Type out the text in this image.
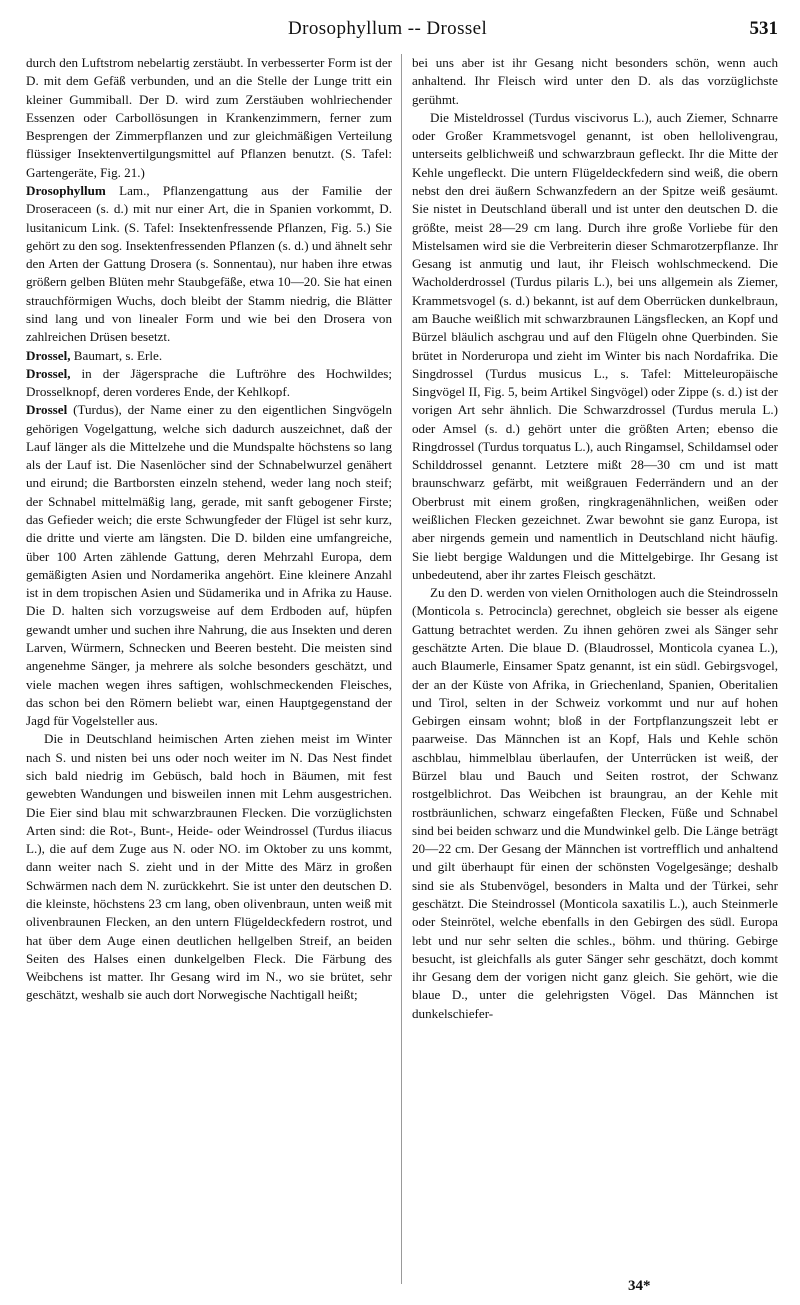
Drosophyllum -- Drossel	531

durch den Luftstrom nebelartig zerstäubt. In verbesserter Form ist der D. mit dem Gefäß verbunden, und an die Stelle der Lunge tritt ein kleiner Gummiball. Der D. wird zum Zerstäuben wohlriechender Essenzen oder Carbollösungen in Krankenzimmern, ferner zum Besprengen der Zimmerpflanzen und zur gleichmäßigen Verteilung flüssiger Insektenvertilgungsmittel auf Pflanzen benutzt. (S. Tafel: Gartengeräte, Fig. 21.)

Drosophyllum Lam., Pflanzengattung aus der Familie der Droseraceen (s. d.) mit nur einer Art, die in Spanien vorkommt, D. lusitanicum Link. (S. Tafel: Insektenfressende Pflanzen, Fig. 5.) Sie gehört zu den sog. Insektenfressenden Pflanzen (s. d.) und ähnelt sehr den Arten der Gattung Drosera (s. Sonnentau), nur haben ihre etwas größern gelben Blüten mehr Staubgefäße, etwa 10—20. Sie hat einen strauchförmigen Wuchs, doch bleibt der Stamm niedrig, die Blätter sind lang und von linealer Form und wie bei den Drosera von zahlreichen Drüsen besetzt.

Drossel, Baumart, s. Erle.

Drossel, in der Jägersprache die Luftröhre des Hochwildes; Drosselknopf, deren vorderes Ende, der Kehlkopf.

Drossel (Turdus), der Name einer zu den eigentlichen Singvögeln gehörigen Vogelgattung, welche sich dadurch auszeichnet, daß der Lauf länger als die Mittelzehe und die Mundspalte höchstens so lang als der Lauf ist. Die Nasenlöcher sind der Schnabelwurzel genähert und eirund; die Bartborsten einzeln stehend, weder lang noch steif; der Schnabel mittelmäßig lang, gerade, mit sanft gebogener Firste; das Gefieder weich; die erste Schwungfeder der Flügel ist sehr kurz, die dritte und vierte am längsten. Die D. bilden eine umfangreiche, über 100 Arten zählende Gattung, deren Mehrzahl Europa, dem gemäßigten Asien und Nordamerika angehört. Eine kleinere Anzahl ist in dem tropischen Asien und Südamerika und in Afrika zu Hause. Die D. halten sich vorzugsweise auf dem Erdboden auf, hüpfen gewandt umher und suchen ihre Nahrung, die aus Insekten und deren Larven, Würmern, Schnecken und Beeren besteht. Die meisten sind angenehme Sänger, ja mehrere als solche besonders geschätzt, und viele machen wegen ihres saftigen, wohlschmeckenden Fleisches, das schon bei den Römern beliebt war, einen Hauptgegenstand der Jagd für Vogelsteller aus.

Die in Deutschland heimischen Arten ziehen meist im Winter nach S. und nisten bei uns oder noch weiter im N. Das Nest findet sich bald niedrig im Gebüsch, bald hoch in Bäumen, mit fest gewebten Wandungen und bisweilen innen mit Lehm ausgestrichen. Die Eier sind blau mit schwarzbraunen Flecken. Die vorzüglichsten Arten sind: die Rot-, Bunt-, Heide- oder Weindrossel (Turdus iliacus L.), die auf dem Zuge aus N. oder NO. im Oktober zu uns kommt, dann weiter nach S. zieht und in der Mitte des März in großen Schwärmen nach dem N. zurückkehrt. Sie ist unter den deutschen D. die kleinste, höchstens 23 cm lang, oben olivenbraun, unten weiß mit olivenbraunen Flecken, an den untern Flügeldeckfedern rostrot, und hat über dem Auge einen deutlichen hellgelben Streif, an beiden Seiten des Halses einen dunkelgelben Fleck. Die Färbung des Weibchens ist matter. Ihr Gesang wird im N., wo sie brütet, sehr geschätzt, weshalb sie auch dort Norwegische Nachtigall heißt;

bei uns aber ist ihr Gesang nicht besonders schön, wenn auch anhaltend. Ihr Fleisch wird unter den D. als das vorzüglichste gerühmt.

Die Misteldrossel (Turdus viscivorus L.), auch Ziemer, Schnarre oder Großer Krammetsvogel genannt, ist oben hellolivengrau, unterseits gelblichweiß und schwarzbraun gefleckt. Ihr die Mitte der Kehle ungefleckt. Die untern Flügeldeckfedern sind weiß, die obern nebst den drei äußern Schwanzfedern an der Spitze weiß gesäumt. Sie nistet in Deutschland überall und ist unter den deutschen D. die größte, meist 28—29 cm lang. Durch ihre große Vorliebe für den Mistelsamen wird sie die Verbreiterin dieser Schmarotzerpflanze. Ihr Gesang ist anmutig und laut, ihr Fleisch wohlschmeckend. Die Wacholderdrossel (Turdus pilaris L.), bei uns allgemein als Ziemer, Krammetsvogel (s. d.) bekannt, ist auf dem Oberrücken dunkelbraun, am Bauche weißlich mit schwarzbraunen Längsflecken, an Kopf und Bürzel bläulich aschgrau und auf den Flügeln ohne Querbinden. Sie brütet in Norderuropa und zieht im Winter bis nach Nordafrika. Die Singdrossel (Turdus musicus L., s. Tafel: Mitteleuropäische Singvögel II, Fig. 5, beim Artikel Singvögel) oder Zippe (s. d.) ist der vorigen Art sehr ähnlich. Die Schwarzdrossel (Turdus merula L.) oder Amsel (s. d.) gehört unter die größten Arten; ebenso die Ringdrossel (Turdus torquatus L.), auch Ringamsel, Schildamsel oder Schilddrossel genannt. Letztere mißt 28—30 cm und ist matt braunschwarz gefärbt, mit weißgrauen Federrändern und an der Oberbrust mit einem großen, ringkragenähnlichen, weißen oder weißlichen Flecken gezeichnet. Zwar bewohnt sie ganz Europa, ist aber nirgends gemein und namentlich in Deutschland nicht häufig. Sie liebt bergige Waldungen und die Mittelgebirge. Ihr Gesang ist unbedeutend, aber ihr zartes Fleisch geschätzt.

Zu den D. werden von vielen Ornithologen auch die Steindrosseln (Monticola s. Petrocincla) gerechnet, obgleich sie besser als eigene Gattung betrachtet werden. Zu ihnen gehören zwei als Sänger sehr geschätzte Arten. Die blaue D. (Blaudrossel, Monticola cyanea L.), auch Blaumerle, Einsamer Spatz genannt, ist ein südl. Gebirgsvogel, der an der Küste von Afrika, in Griechenland, Spanien, Oberitalien und Tirol, selten in der Schweiz vorkommt und nur auf hohen Gebirgen einsam wohnt; bloß in der Fortpflanzungszeit lebt er paarweise. Das Männchen ist an Kopf, Hals und Kehle schön aschblau, himmelblau überlaufen, der Unterrücken ist weiß, der Bürzel blau und Bauch und Seiten rostrot, der Schwanz rostgelblichrot. Das Weibchen ist braungrau, an der Kehle mit rostbräunlichen, schwarz eingefaßten Flecken, Füße und Schnabel sind bei beiden schwarz und die Mundwinkel gelb. Die Länge beträgt 20—22 cm. Der Gesang der Männchen ist vortrefflich und anhaltend und gilt überhaupt für einen der schönsten Vogelgesänge; deshalb sind sie als Stubenvögel, besonders in Malta und der Türkei, sehr geschätzt. Die Steindrossel (Monticola saxatilis L.), auch Steinmerle oder Steinrötel, welche ebenfalls in den Gebirgen des südl. Europa lebt und nur sehr selten die schles., böhm. und thüring. Gebirge besucht, ist gleichfalls als guter Sänger sehr geschätzt, doch kommt ihr Gesang dem der vorigen nicht ganz gleich. Sie gehört, wie die blaue D., unter die gelehrigsten Vögel. Das Männchen ist dunkelschiefer-

34*
